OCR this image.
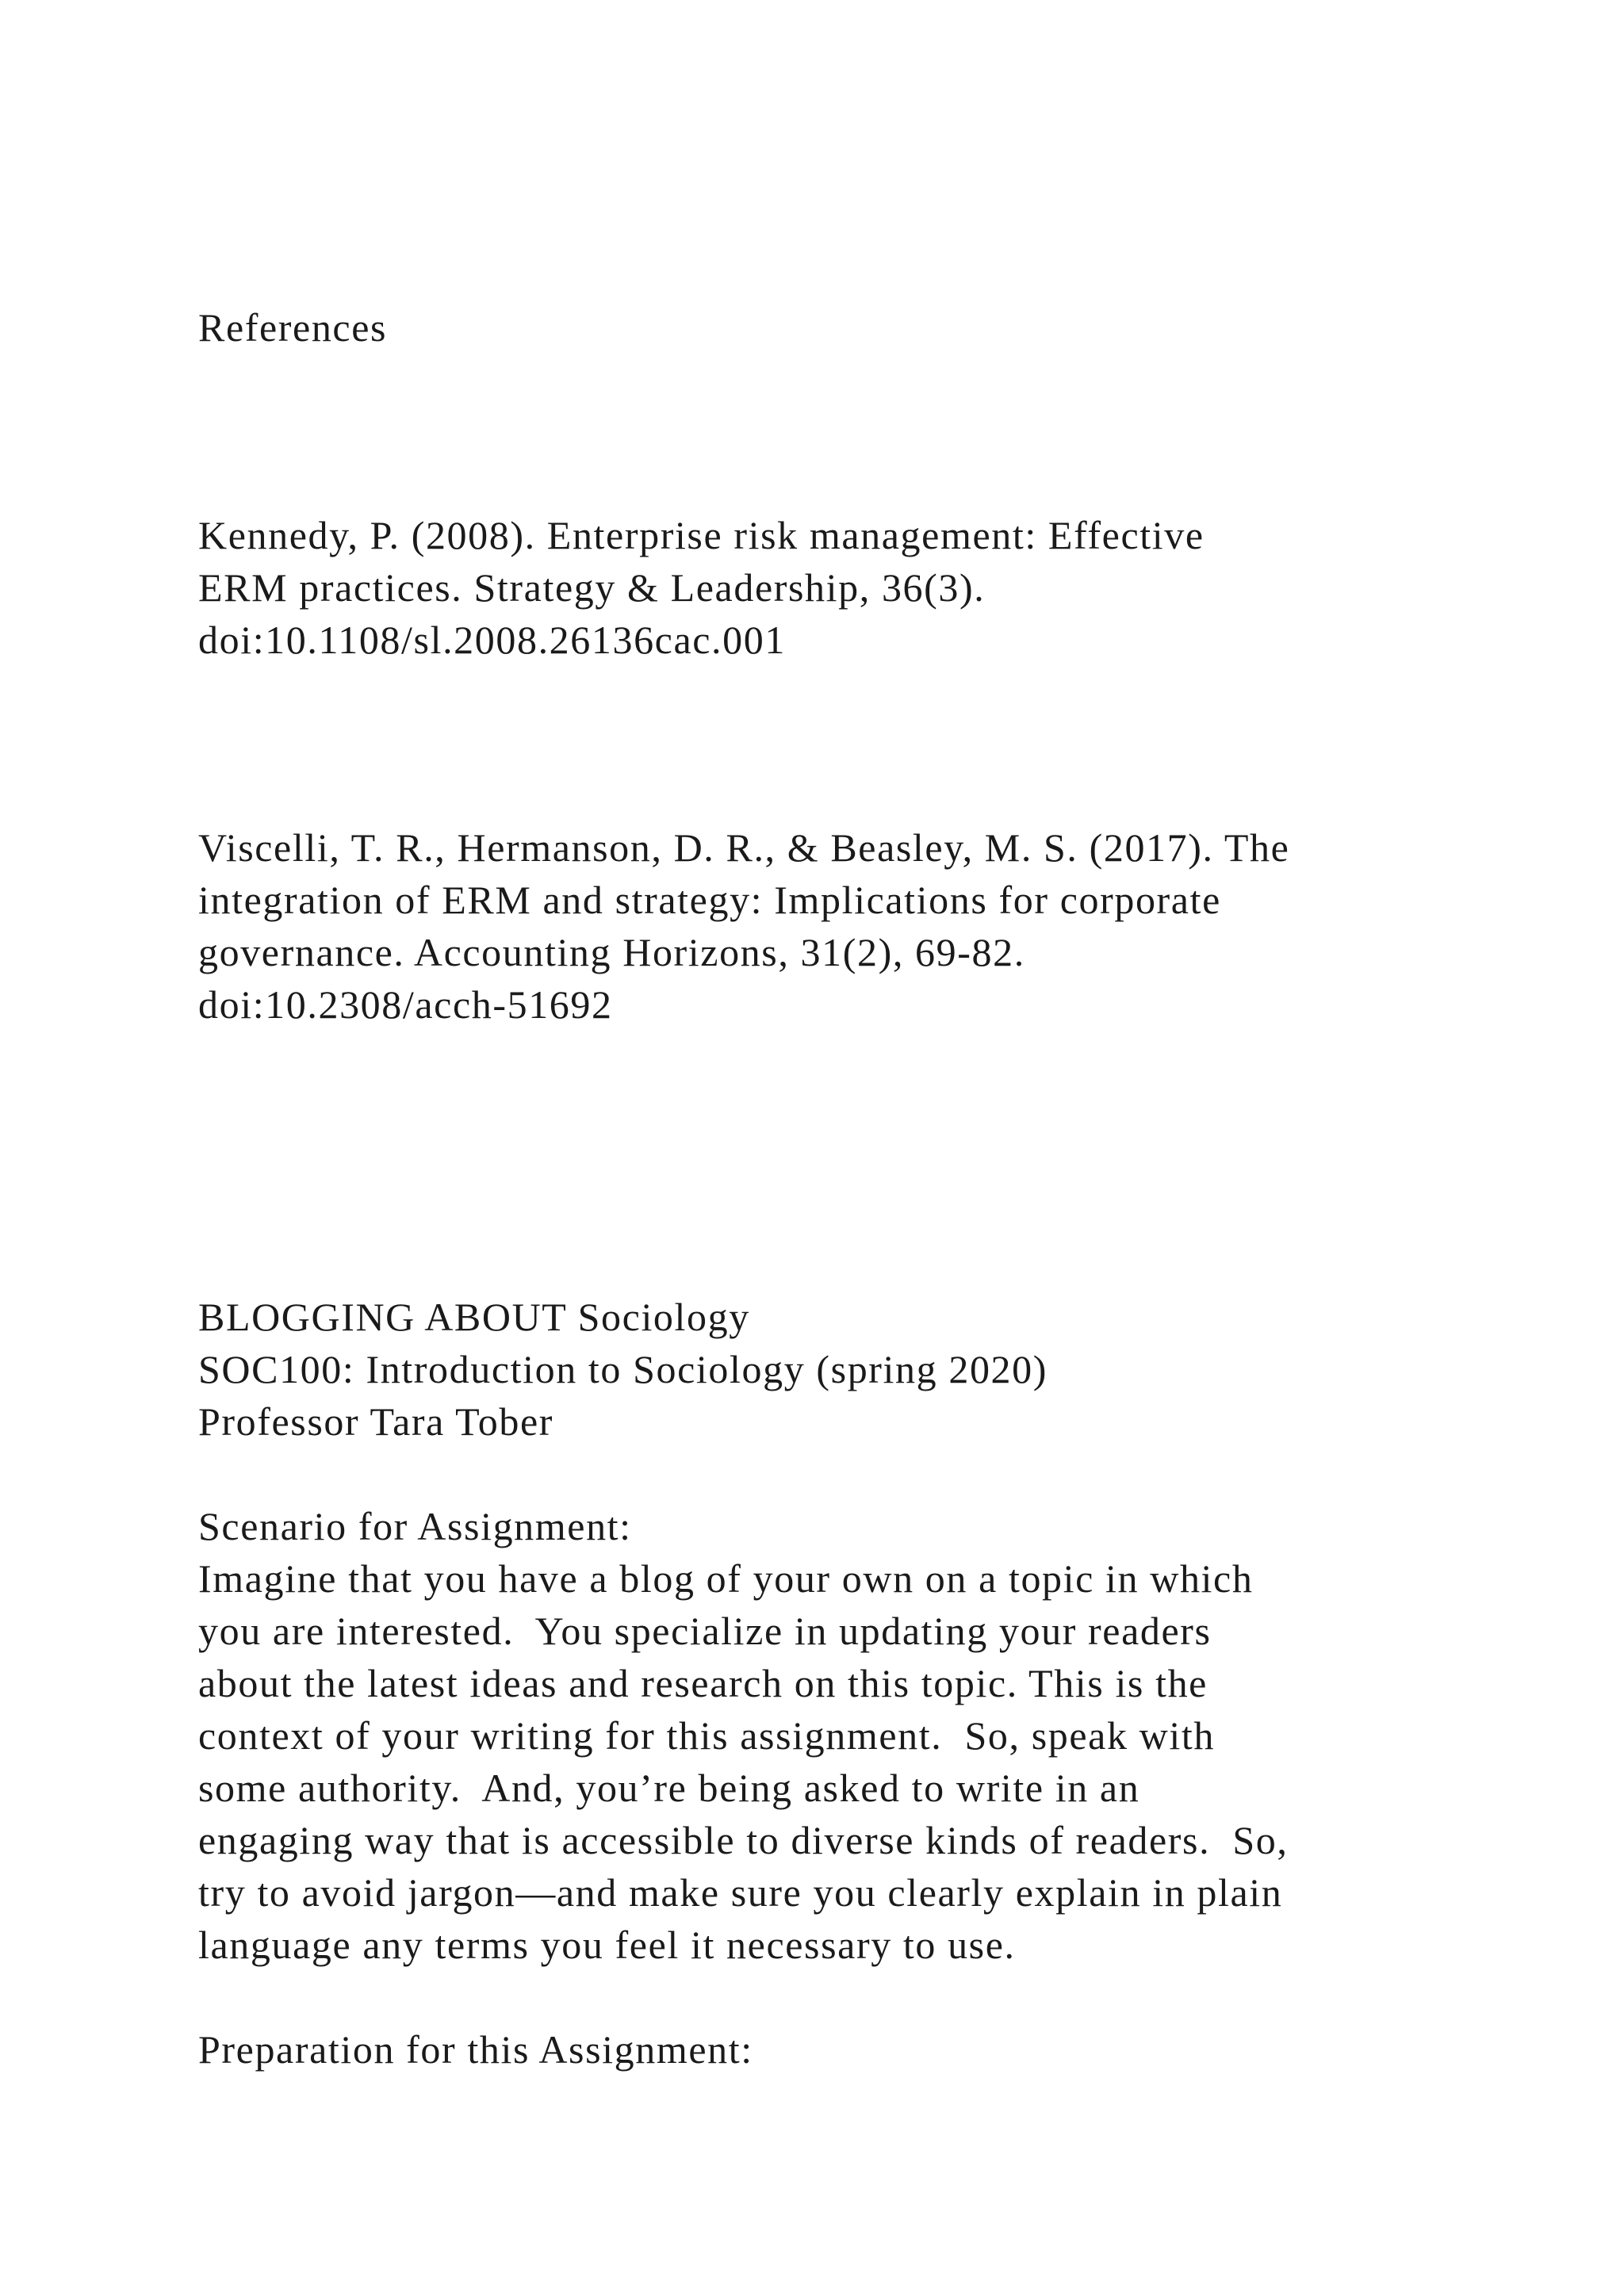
References
Kennedy, P. (2008). Enterprise risk management: Effective
ERM practices. Strategy & Leadership, 36(3).
doi:10.1108/sl.2008.26136cac.001
Viscelli, T. R., Hermanson, D. R., & Beasley, M. S. (2017). The
integration of ERM and strategy: Implications for corporate
governance. Accounting Horizons, 31(2), 69-82.
doi:10.2308/acch-51692
BLOGGING ABOUT Sociology
SOC100: Introduction to Sociology (spring 2020)
Professor Tara Tober
Scenario for Assignment:
Imagine that you have a blog of your own on a topic in which
you are interested.  You specialize in updating your readers
about the latest ideas and research on this topic. This is the
context of your writing for this assignment.  So, speak with
some authority.  And, you’re being asked to write in an
engaging way that is accessible to diverse kinds of readers.  So,
try to avoid jargon—and make sure you clearly explain in plain
language any terms you feel it necessary to use.
Preparation for this Assignment:
